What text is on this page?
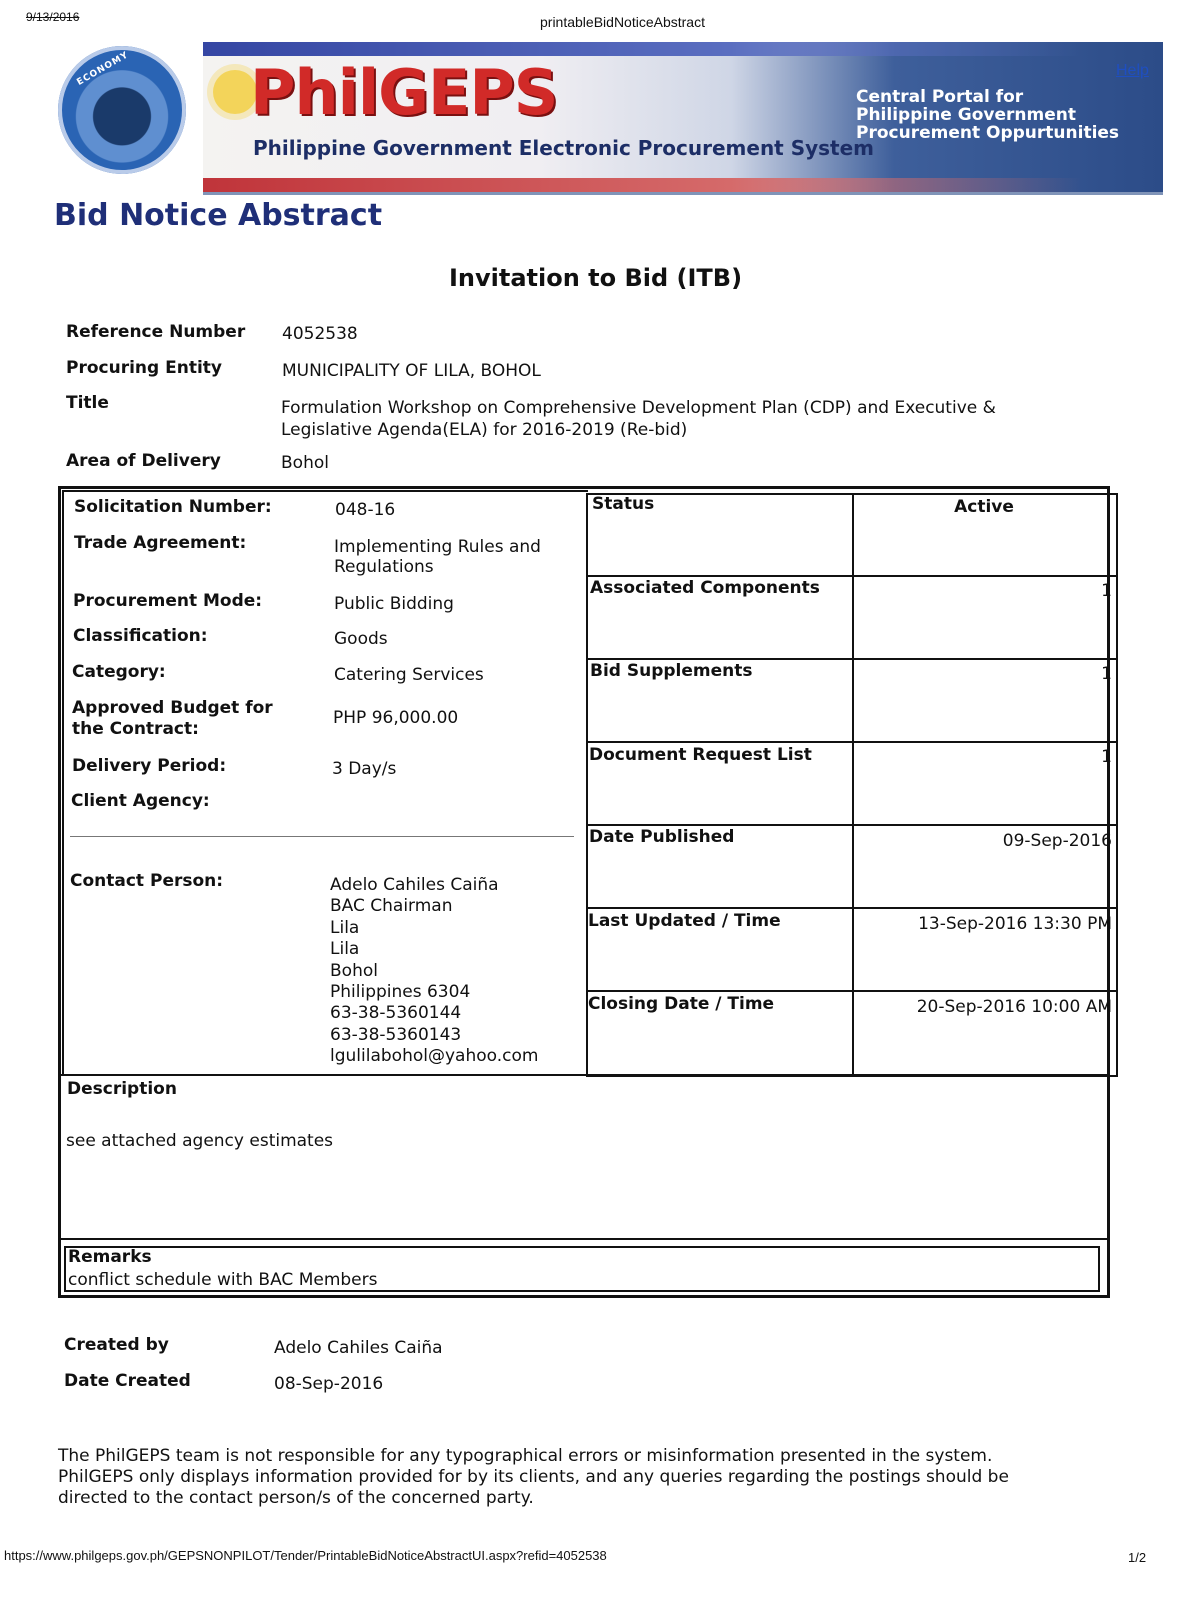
9/13/2016	printableBidNoticeAbstract
ECONOMY PhilGEPS
Philippine Government Electronic Procurement System
Central Portal for
Philippine Government
Procurement Oppurtunities
Help
Bid Notice Abstract
Invitation to Bid (ITB)
Reference Number 4052538
Procuring Entity	MUNICIPALITY OF LILA, BOHOL
Title	Formulation Workshop on Comprehensive Development Plan (CDP) and Executive &
Legislative Agenda(ELA) for 2016-2019 (Re-bid)
Area of Delivery	Bohol
Solicitation Number:	048-16
Trade Agreement:	Implementing Rules and
Regulations
Procurement Mode:	Public Bidding
Classification:	Goods
Category:	Catering Services
Approved Budget for
the Contract:
PHP 96,000.00
Delivery Period:	3 Day/s
Client Agency:
Contact Person:	Adelo Cahiles Caiña
BAC Chairman
Lila
Lila
Bohol
Philippines 6304
63-38-5360144
63-38-5360143
lgulilabohol@yahoo.com
Status	Active
Associated Components	1
Bid Supplements	1
Document Request List	1
Date Published	09-Sep-2016
Last Updated / Time	13-Sep-2016 13:30 PM
Closing Date / Time	20-Sep-2016 10:00 AM
Description
see attached agency estimates
Remarks
conflict schedule with BAC Members
Created by	Adelo Cahiles Caiña
Date Created	08-Sep-2016
The PhilGEPS team is not responsible for any typographical errors or misinformation presented in the system.
PhilGEPS only displays information provided for by its clients, and any queries regarding the postings should be
directed to the contact person/s of the concerned party.
https://www.philgeps.gov.ph/GEPSNONPILOT/Tender/PrintableBidNoticeAbstractUI.aspx?refid=4052538	1/2
